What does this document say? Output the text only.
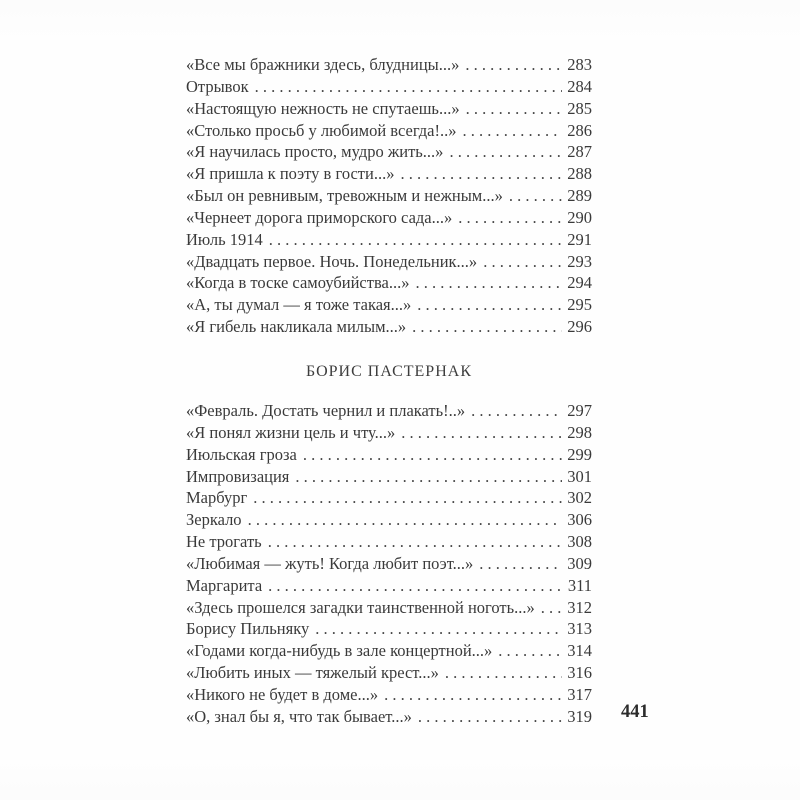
«Все мы бражники здесь, блудницы...» . . .	283
Отрывок . . .	284
«Настоящую нежность не спутаешь...» . . .	285
«Столько просьб у любимой всегда!..» . . .	286
«Я научилась просто, мудро жить...» . . .	287
«Я пришла к поэту в гости...» . . .	288
«Был он ревнивым, тревожным и нежным...» . . .	289
«Чернеет дорога приморского сада...» . . .	290
Июль 1914 . . .	291
«Двадцать первое. Ночь. Понедельник...» . . .	293
«Когда в тоске самоубийства...» . . .	294
«А, ты думал — я тоже такая...» . . .	295
«Я гибель накликала милым...» . . .	296
БОРИС ПАСТЕРНАК
«Февраль. Достать чернил и плакать!..» . . .	297
«Я понял жизни цель и чту...» . . .	298
Июльская гроза . . .	299
Импровизация . . .	301
Марбург . . .	302
Зеркало . . .	306
Не трогать . . .	308
«Любимая — жуть! Когда любит поэт...» . . .	309
Маргарита . . .	311
«Здесь прошелся загадки таинственной ноготь...» . . . 312
Борису Пильняку . . .	313
«Годами когда-нибудь в зале концертной...» . . .	314
«Любить иных — тяжелый крест...» . . .	316
«Никого не будет в доме...» . . .	317
«О, знал бы я, что так бывает...» . . .	319 441
